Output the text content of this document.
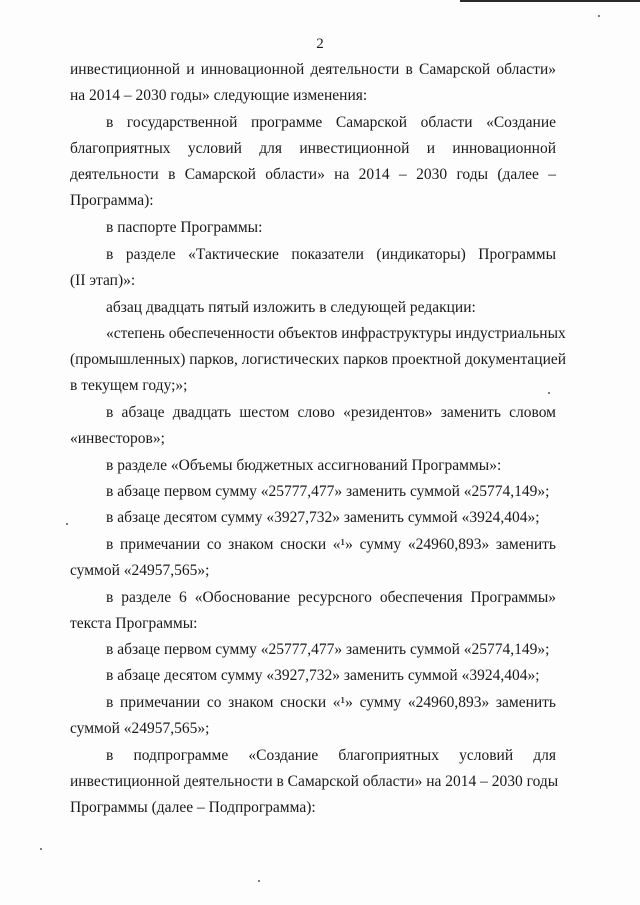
2
инвестиционной и инновационной деятельности в Самарской области»
на 2014 – 2030 годы» следующие изменения:
в государственной программе Самарской области «Создание
благоприятных условий для инвестиционной и инновационной
деятельности в Самарской области» на 2014 – 2030 годы (далее –
Программа):
в паспорте Программы:
в разделе «Тактические показатели (индикаторы) Программы
(II этап)»:
абзац двадцать пятый изложить в следующей редакции:
«степень обеспеченности объектов инфраструктуры индустриальных
(промышленных) парков, логистических парков проектной документацией
в текущем году;»;
в абзаце двадцать шестом слово «резидентов» заменить словом
«инвесторов»;
в разделе «Объемы бюджетных ассигнований Программы»:
в абзаце первом сумму «25777,477» заменить суммой «25774,149»;
в абзаце десятом сумму «3927,732» заменить суммой «3924,404»;
в примечании со знаком сноски «¹» сумму «24960,893» заменить
суммой «24957,565»;
в разделе 6 «Обоснование ресурсного обеспечения Программы»
текста Программы:
в абзаце первом сумму «25777,477» заменить суммой «25774,149»;
в абзаце десятом сумму «3927,732» заменить суммой «3924,404»;
в примечании со знаком сноски «¹» сумму «24960,893» заменить
суммой «24957,565»;
в подпрограмме «Создание благоприятных условий для
инвестиционной деятельности в Самарской области» на 2014 – 2030 годы
Программы (далее – Подпрограмма):
